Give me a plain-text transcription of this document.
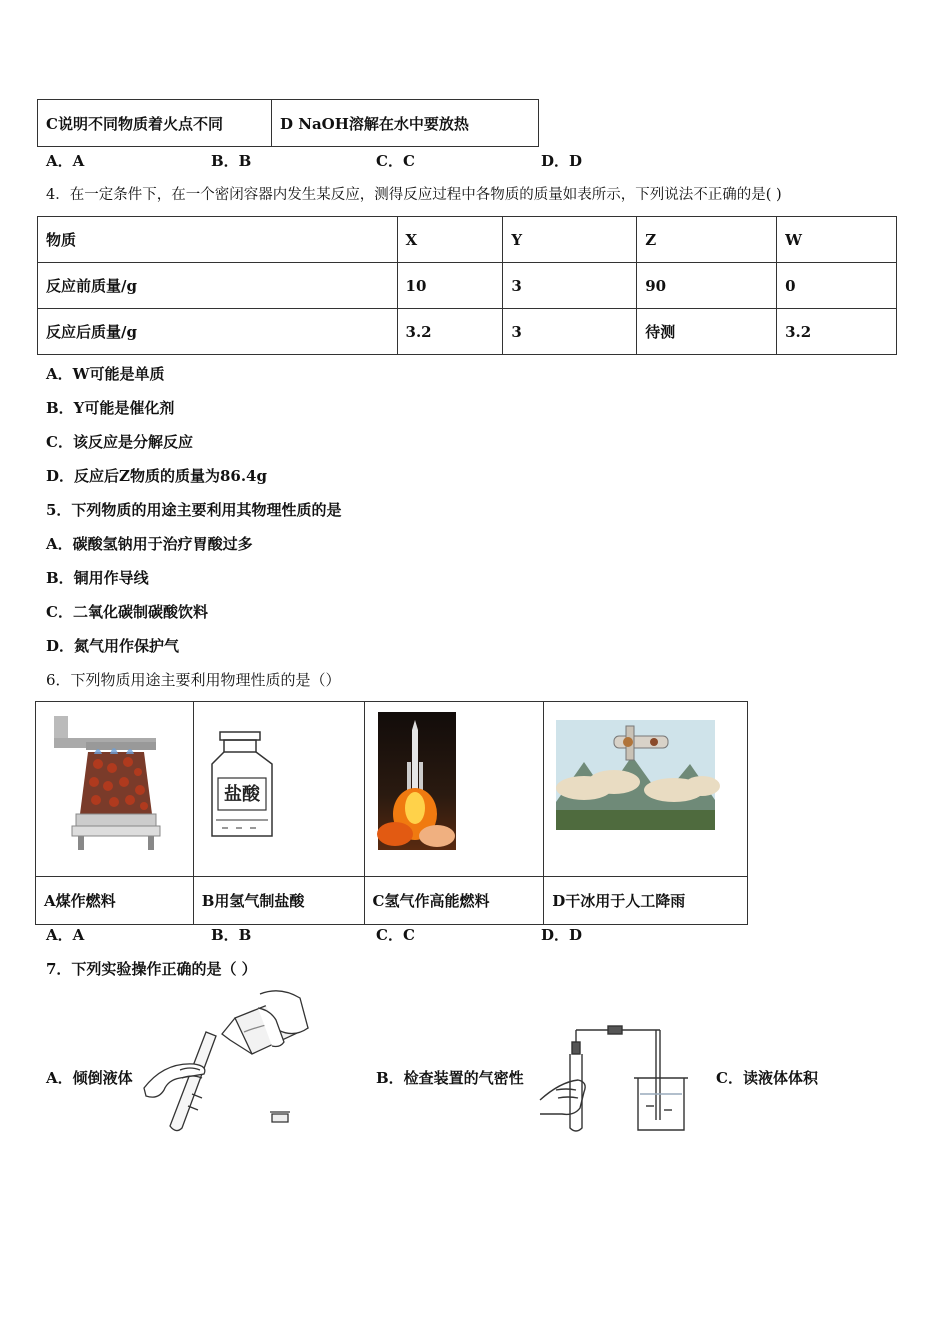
C说明不同物质着火点不同	D NaOH溶解在水中要放热
A．A	B．B	C．C	D．D
4．在一定条件下，在一个密闭容器内发生某反应，测得反应过程中各物质的质量如表所示，下列说法不正确的是( )
物质	X	Y	Z	W
反应前质量/g	10	3	90	0
反应后质量/g	3.2	3	待测	3.2
A．W可能是单质
B．Y可能是催化剂
C．该反应是分解反应
D．反应后Z物质的质量为86.4g
5．下列物质的用途主要利用其物理性质的是
A．碳酸氢钠用于治疗胃酸过多
B．铜用作导线
C．二氧化碳制碳酸饮料
D．氮气用作保护气
6．下列物质用途主要利用物理性质的是（）

盐酸

A煤作燃料	B用氢气制盐酸	C氢气作高能燃料	D干冰用于人工降雨
A．A	B．B	C．C	D．D
7．下列实验操作正确的是（ ）
A．倾倒液体	B．检查装置的气密性	C．读液体体积
